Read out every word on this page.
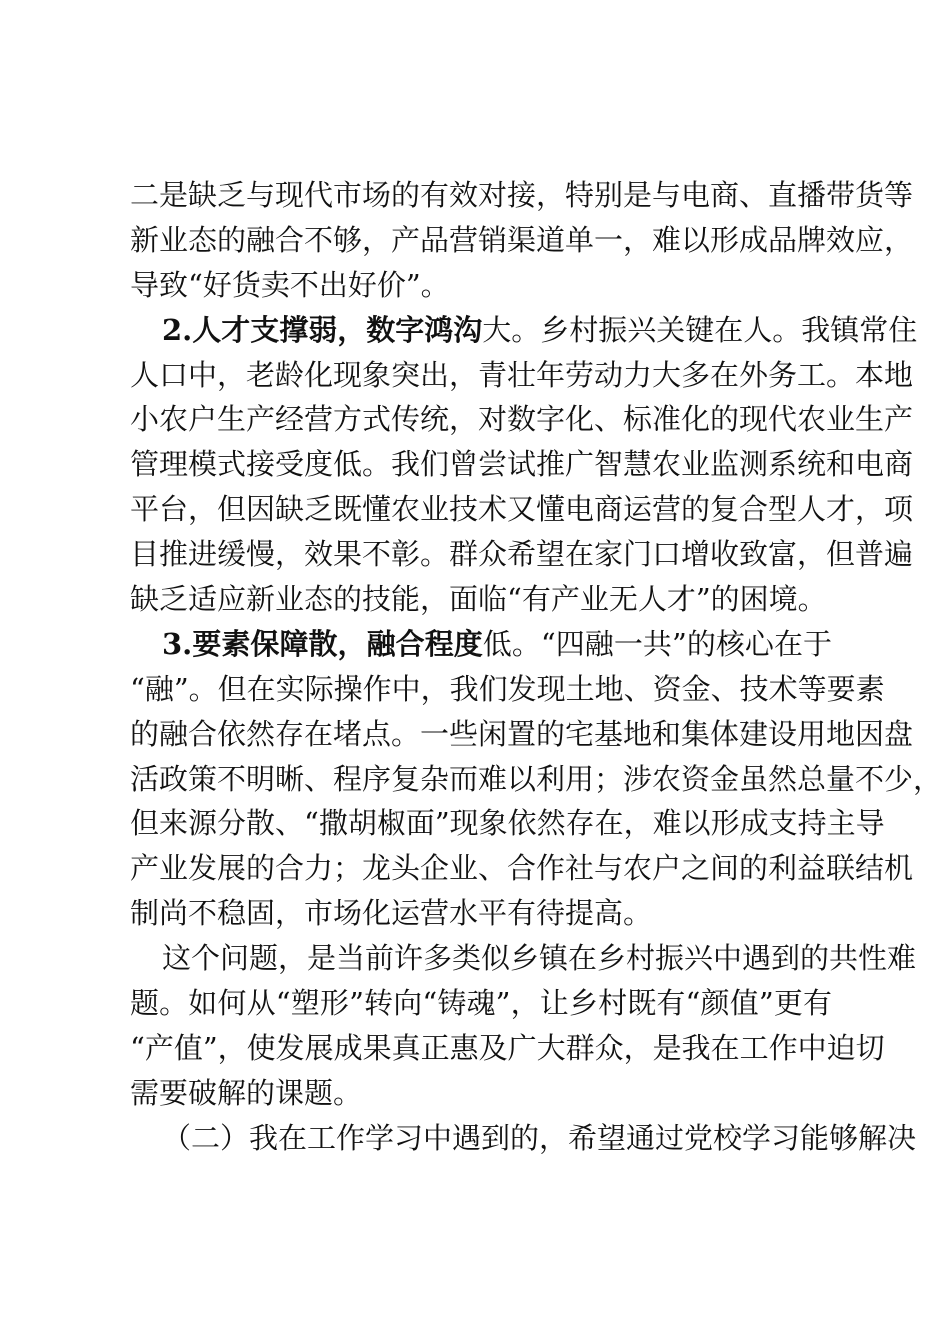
二是缺乏与现代市场的有效对接，特别是与电商、直播带货等
新业态的融合不够，产品营销渠道单一，难以形成品牌效应，
导致“好货卖不出好价”。
2.人才支撑弱，数字鸿沟大。乡村振兴关键在人。我镇常住
人口中，老龄化现象突出，青壮年劳动力大多在外务工。本地
小农户生产经营方式传统，对数字化、标准化的现代农业生产
管理模式接受度低。我们曾尝试推广智慧农业监测系统和电商
平台，但因缺乏既懂农业技术又懂电商运营的复合型人才，项
目推进缓慢，效果不彰。群众希望在家门口增收致富，但普遍
缺乏适应新业态的技能，面临“有产业无人才”的困境。
3.要素保障散，融合程度低。“四融一共”的核心在于
“融”。但在实际操作中，我们发现土地、资金、技术等要素
的融合依然存在堵点。一些闲置的宅基地和集体建设用地因盘
活政策不明晰、程序复杂而难以利用；涉农资金虽然总量不少，
但来源分散、“撒胡椒面”现象依然存在，难以形成支持主导
产业发展的合力；龙头企业、合作社与农户之间的利益联结机
制尚不稳固，市场化运营水平有待提高。
这个问题，是当前许多类似乡镇在乡村振兴中遇到的共性难
题。如何从“塑形”转向“铸魂”，让乡村既有“颜值”更有
“产值”，使发展成果真正惠及广大群众，是我在工作中迫切
需要破解的课题。
（二）我在工作学习中遇到的，希望通过党校学习能够解决
